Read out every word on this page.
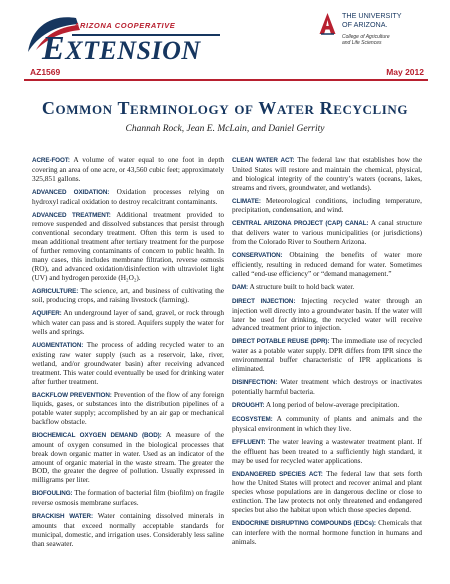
ARIZONA COOPERATIVE
EXTENSION
THE UNIVERSITY
OF ARIZONA.
College of Agriculture
and Life Sciences
AZ1569	May 2012
Common Terminology of Water Recycling
Channah Rock, Jean E. McLain, and Daniel Gerrity

ACRE-FOOT: A volume of water equal to one foot in depth covering an area of one acre, or 43,560 cubic feet; approximately 325,851 gallons.

ADVANCED OXIDATION: Oxidation processes relying on hydroxyl radical oxidation to destroy recalcitrant contaminants.

ADVANCED TREATMENT: Additional treatment provided to remove suspended and dissolved substances that persist through conventional secondary treatment. Often this term is used to mean additional treatment after tertiary treatment for the purpose of further removing contaminants of concern to public health. In many cases, this includes membrane filtration, reverse osmosis (RO), and advanced oxidation/disinfection with ultraviolet light (UV) and hydrogen peroxide (H₂O₂).

AGRICULTURE: The science, art, and business of cultivating the soil, producing crops, and raising livestock (farming).

AQUIFER: An underground layer of sand, gravel, or rock through which water can pass and is stored. Aquifers supply the water for wells and springs.

AUGMENTATION: The process of adding recycled water to an existing raw water supply (such as a reservoir, lake, river, wetland, and/or groundwater basin) after receiving advanced treatment. This water could eventually be used for drinking water after further treatment.

BACKFLOW PREVENTION: Prevention of the flow of any foreign liquids, gases, or substances into the distribution pipelines of a potable water supply; accomplished by an air gap or mechanical backflow obstacle.

BIOCHEMICAL OXYGEN DEMAND (BOD): A measure of the amount of oxygen consumed in the biological processes that break down organic matter in water. Used as an indicator of the amount of organic material in the waste stream. The greater the BOD, the greater the degree of pollution. Usually expressed in milligrams per liter.

BIOFOULING: The formation of bacterial film (biofilm) on fragile reverse osmosis membrane surfaces.

BRACKISH WATER: Water containing dissolved minerals in amounts that exceed normally acceptable standards for municipal, domestic, and irrigation uses. Considerably less saline than seawater.

CLEAN WATER ACT: The federal law that establishes how the United States will restore and maintain the chemical, physical, and biological integrity of the country’s waters (oceans, lakes, streams and rivers, groundwater, and wetlands).

CLIMATE: Meteorological conditions, including temperature, precipitation, condensation, and wind.

CENTRAL ARIZONA PROJECT (CAP) CANAL: A canal structure that delivers water to various municipalities (or jurisdictions) from the Colorado River to Southern Arizona.

CONSERVATION: Obtaining the benefits of water more efficiently, resulting in reduced demand for water. Sometimes called “end-use efficiency” or “demand management.”

DAM: A structure built to hold back water.

DIRECT INJECTION: Injecting recycled water through an injection well directly into a groundwater basin. If the water will later be used for drinking, the recycled water will receive advanced treatment prior to injection.

DIRECT POTABLE REUSE (DPR): The immediate use of recycled water as a potable water supply. DPR differs from IPR since the environmental buffer characteristic of IPR applications is eliminated.

DISINFECTION: Water treatment which destroys or inactivates potentially harmful bacteria.

DROUGHT: A long period of below-average precipitation.

ECOSYSTEM: A community of plants and animals and the physical environment in which they live.

EFFLUENT: The water leaving a wastewater treatment plant. If the effluent has been treated to a sufficiently high standard, it may be used for recycled water applications.

ENDANGERED SPECIES ACT: The federal law that sets forth how the United States will protect and recover animal and plant species whose populations are in dangerous decline or close to extinction. The law protects not only threatened and endangered species but also the habitat upon which those species depend.

ENDOCRINE DISRUPTING COMPOUNDS (EDCs): Chemicals that can interfere with the normal hormone function in humans and animals.
